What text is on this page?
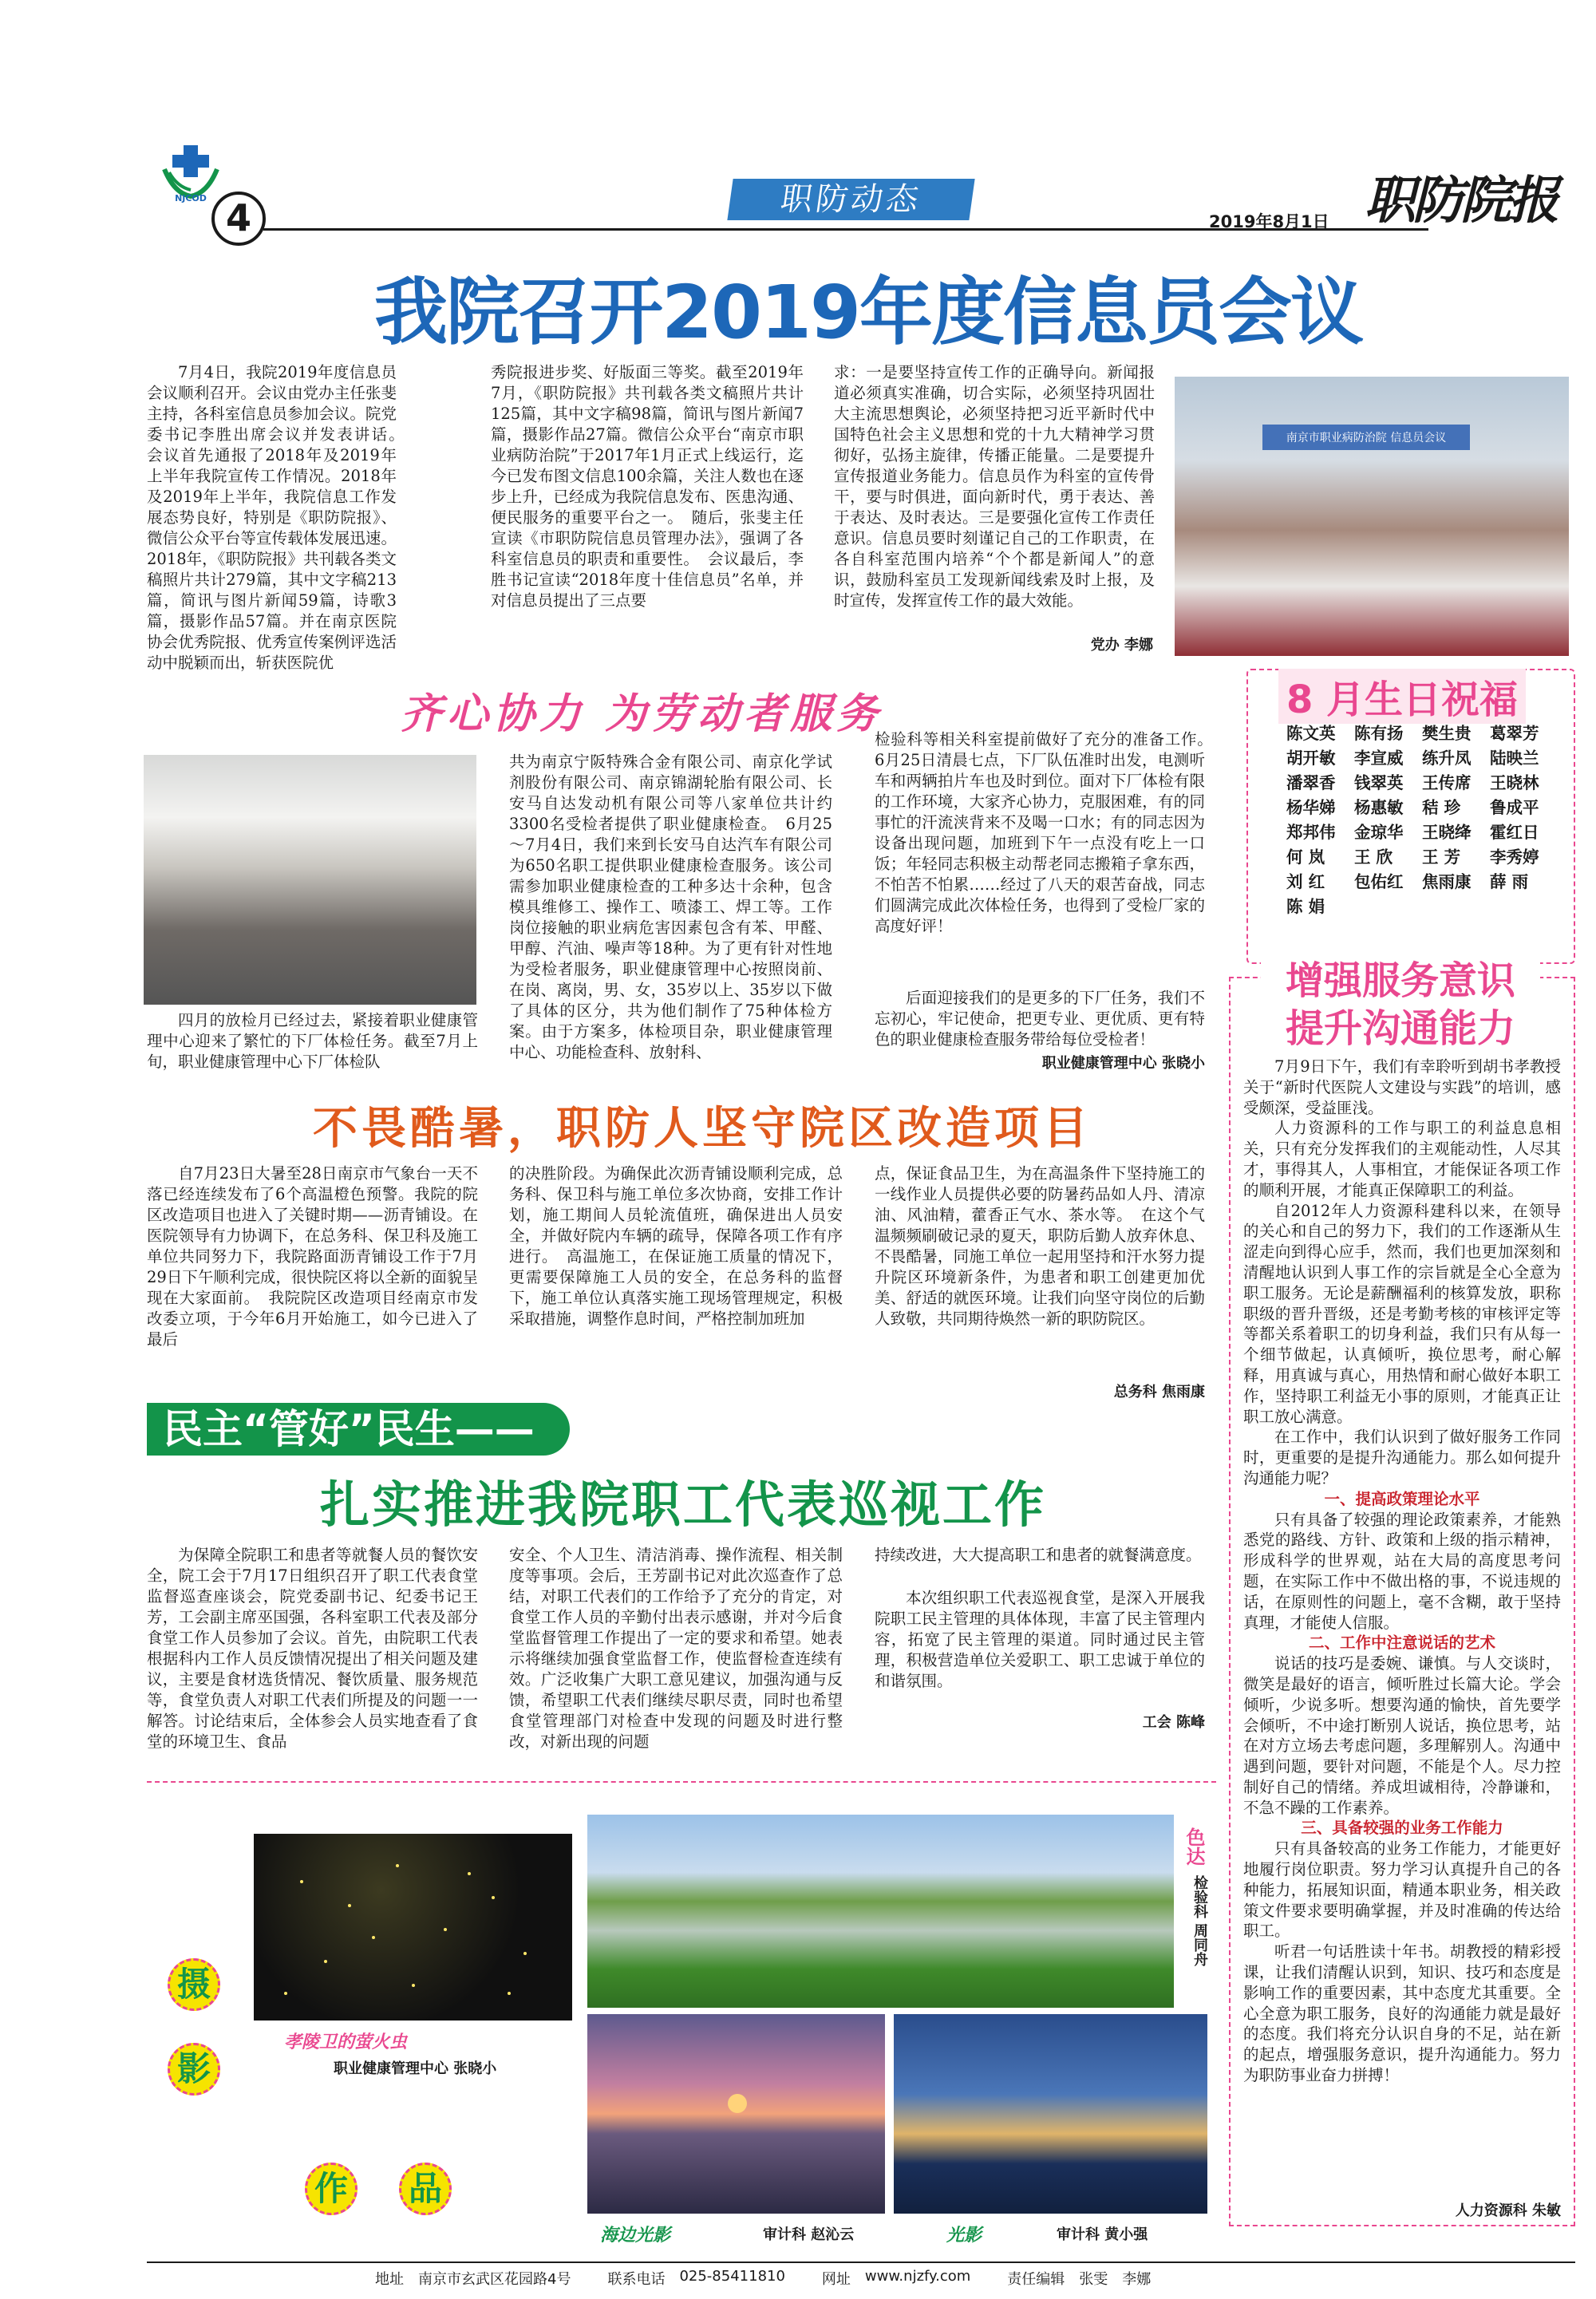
NJCOD 4	职防动态	职防院报
2019年8月1日
我院召开2019年度信息员会议
7月4日，我院2019年度信息员会议顺利召开。会议由党办主任张斐主持，各科室信息员参加会议。院党委书记李胜出席会议并发表讲话。　会议首先通报了2018年及2019年上半年我院宣传工作情况。2018年及2019年上半年，我院信息工作发展态势良好，特别是《职防院报》、微信公众平台等宣传载体发展迅速。2018年，《职防院报》共刊载各类文稿照片共计279篇，其中文字稿213篇，简讯与图片新闻59篇，诗歌3篇，摄影作品57篇。并在南京医院协会优秀院报、优秀宣传案例评选活动中脱颖而出，斩获医院优
秀院报进步奖、好版面三等奖。截至2019年7月，《职防院报》共刊载各类文稿照片共计125篇，其中文字稿98篇，简讯与图片新闻7篇，摄影作品27篇。微信公众平台“南京市职业病防治院”于2017年1月正式上线运行，迄今已发布图文信息100余篇，关注人数也在逐步上升，已经成为我院信息发布、医患沟通、便民服务的重要平台之一。　随后，张斐主任宣读《市职防院信息员管理办法》，强调了各科室信息员的职责和重要性。　会议最后，李胜书记宣读“2018年度十佳信息员”名单，并对信息员提出了三点要
求：一是要坚持宣传工作的正确导向。新闻报道必须真实准确，切合实际，必须坚持巩固壮大主流思想舆论，必须坚持把习近平新时代中国特色社会主义思想和党的十九大精神学习贯彻好，弘扬主旋律，传播正能量。二是要提升宣传报道业务能力。信息员作为科室的宣传骨干，要与时俱进，面向新时代，勇于表达、善于表达、及时表达。三是要强化宣传工作责任意识。信息员要时刻谨记自己的工作职责，在各自科室范围内培养“个个都是新闻人”的意识，鼓励科室员工发现新闻线索及时上报，及时宣传，发挥宣传工作的最大效能。
党办 李娜
南京市职业病防治院 信息员会议
8 月生日祝福
陈文英	陈有扬	樊生贵	葛翠芳
胡开敏	李宣威	练升凤	陆映兰
潘翠香	钱翠英	王传席	王晓林
杨华娣	杨惠敏	秸 珍	鲁成平
郑邦伟	金琼华	王晓绛	霍红日
何 岚	王 欣	王 芳	李秀婷
刘 红	包佑红	焦雨康	薛 雨
陈 娟
齐心协力 为劳动者服务
四月的放检月已经过去，紧接着职业健康管理中心迎来了繁忙的下厂体检任务。截至7月上旬，职业健康管理中心下厂体检队
共为南京宁阪特殊合金有限公司、南京化学试剂股份有限公司、南京锦湖轮胎有限公司、长安马自达发动机有限公司等八家单位共计约3300名受检者提供了职业健康检查。　6月25～7月4日，我们来到长安马自达汽车有限公司为650名职工提供职业健康检查服务。该公司需参加职业健康检查的工种多达十余种，包含模具维修工、操作工、喷漆工、焊工等。工作岗位接触的职业病危害因素包含有苯、甲醛、甲醇、汽油、噪声等18种。为了更有针对性地为受检者服务，职业健康管理中心按照岗前、在岗、离岗，男、女，35岁以上、35岁以下做了具体的区分，共为他们制作了75种体检方案。由于方案多，体检项目杂，职业健康管理中心、功能检查科、放射科、
检验科等相关科室提前做好了充分的准备工作。　6月25日清晨七点，下厂队伍准时出发，电测听车和两辆拍片车也及时到位。面对下厂体检有限的工作环境，大家齐心协力，克服困难，有的同事忙的汗流浃背来不及喝一口水；有的同志因为设备出现问题，加班到下午一点没有吃上一口饭；年轻同志积极主动帮老同志搬箱子拿东西，不怕苦不怕累……经过了八天的艰苦奋战，同志们圆满完成此次体检任务，也得到了受检厂家的高度好评！
后面迎接我们的是更多的下厂任务，我们不忘初心，牢记使命，把更专业、更优质、更有特色的职业健康检查服务带给每位受检者！
职业健康管理中心 张晓小
不畏酷暑，职防人坚守院区改造项目
自7月23日大暑至28日南京市气象台一天不落已经连续发布了6个高温橙色预警。我院的院区改造项目也进入了关键时期——沥青铺设。在医院领导有力协调下，在总务科、保卫科及施工单位共同努力下，我院路面沥青铺设工作于7月29日下午顺利完成，很快院区将以全新的面貌呈现在大家面前。　我院院区改造项目经南京市发改委立项，于今年6月开始施工，如今已进入了最后
的决胜阶段。为确保此次沥青铺设顺利完成，总务科、保卫科与施工单位多次协商，安排工作计划，施工期间人员轮流值班，确保进出人员安全，并做好院内车辆的疏导，保障各项工作有序进行。　高温施工，在保证施工质量的情况下，更需要保障施工人员的安全，在总务科的监督下，施工单位认真落实施工现场管理规定，积极采取措施，调整作息时间，严格控制加班加
点，保证食品卫生，为在高温条件下坚持施工的一线作业人员提供必要的防暑药品如人丹、清凉油、风油精，藿香正气水、茶水等。　在这个气温频频刷破记录的夏天，职防后勤人放弃休息、不畏酷暑，同施工单位一起用坚持和汗水努力提升院区环境新条件，为患者和职工创建更加优美、舒适的就医环境。让我们向坚守岗位的后勤人致敬，共同期待焕然一新的职防院区。
总务科 焦雨康
民主“管好”民生——
扎实推进我院职工代表巡视工作
为保障全院职工和患者等就餐人员的餐饮安全，院工会于7月17日组织召开了职工代表食堂监督巡查座谈会，院党委副书记、纪委书记王芳，工会副主席巫国强，各科室职工代表及部分食堂工作人员参加了会议。首先，由院职工代表根据科内工作人员反馈情况提出了相关问题及建议，主要是食材选货情况、餐饮质量、服务规范等，食堂负责人对职工代表们所提及的问题一一解答。讨论结束后，全体参会人员实地查看了食堂的环境卫生、食品
安全、个人卫生、清洁消毒、操作流程、相关制度等事项。会后，王芳副书记对此次巡查作了总结，对职工代表们的工作给予了充分的肯定，对食堂工作人员的辛勤付出表示感谢，并对今后食堂监督管理工作提出了一定的要求和希望。她表示将继续加强食堂监督工作，使监督检查连续有效。广泛收集广大职工意见建议，加强沟通与反馈，希望职工代表们继续尽职尽责，同时也希望食堂管理部门对检查中发现的问题及时进行整改，对新出现的问题
持续改进，大大提高职工和患者的就餐满意度。
本次组织职工代表巡视食堂，是深入开展我院职工民主管理的具体体现，丰富了民主管理内容，拓宽了民主管理的渠道。同时通过民主管理，积极营造单位关爱职工、职工忠诚于单位的和谐氛围。
工会 陈峰
增强服务意识
提升沟通能力

7月9日下午，我们有幸聆听到胡书孝教授关于“新时代医院人文建设与实践”的培训，感受颇深，受益匪浅。

人力资源科的工作与职工的利益息息相关，只有充分发挥我们的主观能动性，人尽其才，事得其人，人事相宜，才能保证各项工作的顺利开展，才能真正保障职工的利益。

自2012年人力资源科建科以来，在领导的关心和自己的努力下，我们的工作逐渐从生涩走向到得心应手，然而，我们也更加深刻和清醒地认识到人事工作的宗旨就是全心全意为职工服务。无论是薪酬福利的核算发放，职称职级的晋升晋级，还是考勤考核的审核评定等等都关系着职工的切身利益，我们只有从每一个细节做起，认真倾听，换位思考，耐心解释，用真诚与真心，用热情和耐心做好本职工作，坚持职工利益无小事的原则，才能真正让职工放心满意。

在工作中，我们认识到了做好服务工作同时，更重要的是提升沟通能力。那么如何提升沟通能力呢？

一、提高政策理论水平

只有具备了较强的理论政策素养，才能熟悉党的路线、方针、政策和上级的指示精神，形成科学的世界观，站在大局的高度思考问题，在实际工作中不做出格的事，不说违规的话，在原则性的问题上，毫不含糊，敢于坚持真理，才能使人信服。

二、工作中注意说话的艺术

说话的技巧是委婉、谦慎。与人交谈时，微笑是最好的语言，倾听胜过长篇大论。学会倾听，少说多听。想要沟通的愉快，首先要学会倾听，不中途打断别人说话，换位思考，站在对方立场去考虑问题，多理解别人。沟通中遇到问题，要针对问题，不能是个人。尽力控制好自己的情绪。养成坦诚相待，冷静谦和，不急不躁的工作素养。

三、具备较强的业务工作能力

只有具备较高的业务工作能力，才能更好地履行岗位职责。努力学习认真提升自己的各种能力，拓展知识面，精通本职业务，相关政策文件要求要明确掌握，并及时准确的传达给职工。

听君一句话胜读十年书。胡教授的精彩授课，让我们清醒认识到，知识、技巧和态度是影响工作的重要因素，其中态度尤其重要。全心全意为职工服务，良好的沟通能力就是最好的态度。我们将充分认识自身的不足，站在新的起点，增强服务意识，提升沟通能力。努力为职防事业奋力拼搏！

人力资源科 朱敏
摄
影
作 品
孝陵卫的萤火虫
职业健康管理中心 张晓小
色达
检验科 周同舟
海边光影	审计科 赵沁云	光影	审计科 黄小强
地址 南京市玄武区花园路4号	联系电话 025-85411810	网址 www.njzfy.com	责任编辑 张雯　李娜
